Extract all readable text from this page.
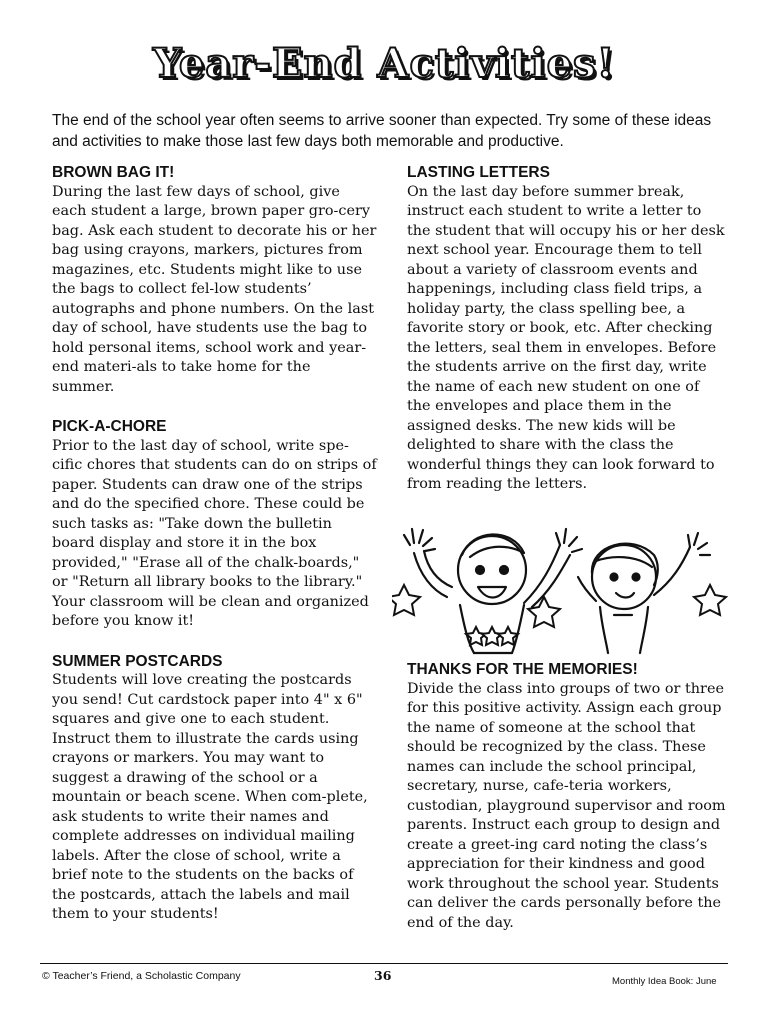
Year-End Activities!

The end of the school year often seems to arrive sooner than expected. Try some of these ideas and activities to make those last few days both memorable and productive.

BROWN BAG IT!

During the last few days of school, give each student a large, brown paper gro-cery bag. Ask each student to decorate his or her bag using crayons, markers, pictures from magazines, etc. Students might like to use the bags to collect fel-low students’ autographs and phone numbers. On the last day of school, have students use the bag to hold personal items, school work and year-end materi-als to take home for the summer.

PICK-A-CHORE

Prior to the last day of school, write spe-cific chores that students can do on strips of paper. Students can draw one of the strips and do the specified chore. These could be such tasks as: "Take down the bulletin board display and store it in the box provided," "Erase all of the chalk-boards," or "Return all library books to the library." Your classroom will be clean and organized before you know it!

SUMMER POSTCARDS

Students will love creating the postcards you send! Cut cardstock paper into 4" x 6" squares and give one to each student. Instruct them to illustrate the cards using crayons or markers. You may want to suggest a drawing of the school or a mountain or beach scene. When com-plete, ask students to write their names and complete addresses on individual mailing labels. After the close of school, write a brief note to the students on the backs of the postcards, attach the labels and mail them to your students!

LASTING LETTERS

On the last day before summer break, instruct each student to write a letter to the student that will occupy his or her desk next school year. Encourage them to tell about a variety of classroom events and happenings, including class field trips, a holiday party, the class spelling bee, a favorite story or book, etc. After checking the letters, seal them in envelopes. Before the students arrive on the first day, write the name of each new student on one of the envelopes and place them in the assigned desks. The new kids will be delighted to share with the class the wonderful things they can look forward to from reading the letters.

THANKS FOR THE MEMORIES!

Divide the class into groups of two or three for this positive activity. Assign each group the name of someone at the school that should be recognized by the class. These names can include the school principal, secretary, nurse, cafe-teria workers, custodian, playground supervisor and room parents. Instruct each group to design and create a greet-ing card noting the class’s appreciation for their kindness and good work throughout the school year. Students can deliver the cards personally before the end of the day.

© Teacher’s Friend, a Scholastic Company	36	Monthly Idea Book: June
